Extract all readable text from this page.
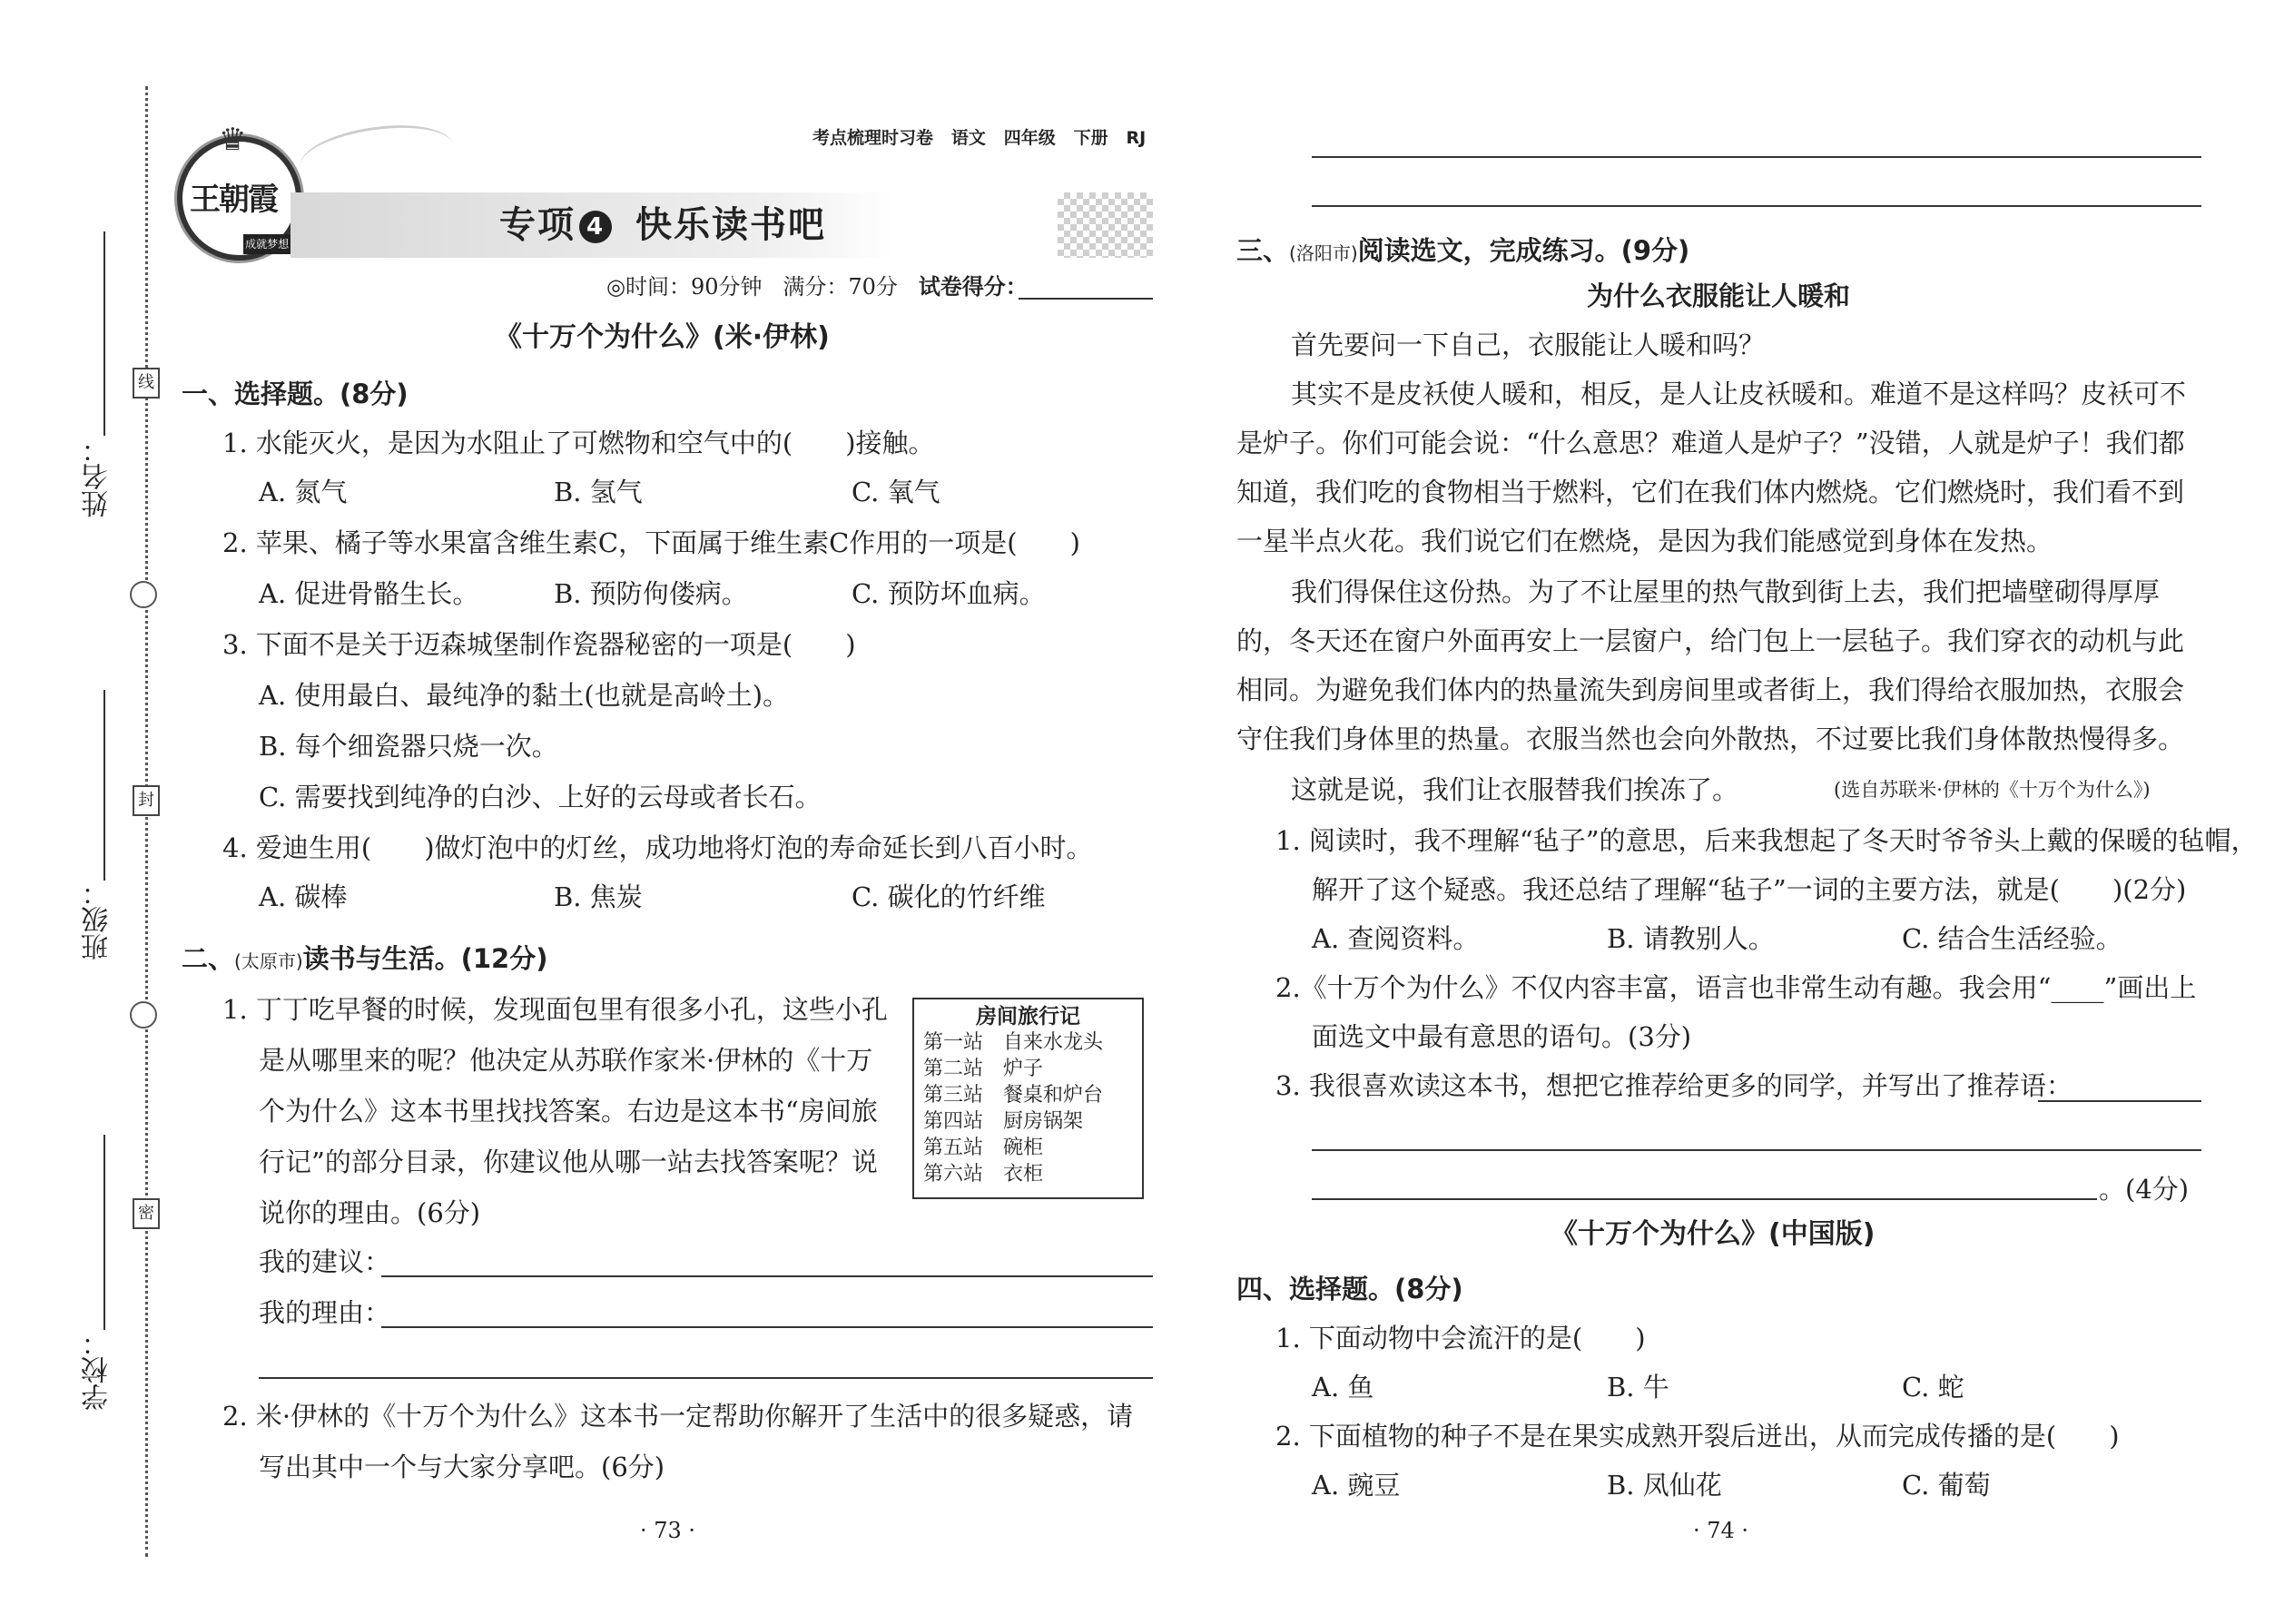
线
封
密
姓名：
班级：
学校：
♛
王朝霞
成就梦想 分
考点梳理时习卷 语文 四年级 下册 RJ
专项 4 快乐读书吧
◎时间：90分钟 满分：70分 试卷得分：
《十万个为什么》(米·伊林)
一、选择题。(8分)
1. 水能灭火，是因为水阻止了可燃物和空气中的(　　)接触。
A. 氮气	B. 氢气	C. 氧气
2. 苹果、橘子等水果富含维生素C，下面属于维生素C作用的一项是(　　)
A. 促进骨骼生长。	B. 预防佝偻病。	C. 预防坏血病。
3. 下面不是关于迈森城堡制作瓷器秘密的一项是(　　)
A. 使用最白、最纯净的黏土(也就是高岭土)。
B. 每个细瓷器只烧一次。
C. 需要找到纯净的白沙、上好的云母或者长石。
4. 爱迪生用(　　)做灯泡中的灯丝，成功地将灯泡的寿命延长到八百小时。
A. 碳棒	B. 焦炭	C. 碳化的竹纤维
二、(太原市)读书与生活。(12分)
1. 丁丁吃早餐的时候，发现面包里有很多小孔，这些小孔
是从哪里来的呢？他决定从苏联作家米·伊林的《十万
个为什么》这本书里找找答案。右边是这本书“房间旅
行记”的部分目录，你建议他从哪一站去找答案呢？说
说你的理由。(6分)
房间旅行记
第一站　自来水龙头
第二站　炉子
第三站　餐桌和炉台
第四站　厨房锅架
第五站　碗柜
第六站　衣柜
我的建议：
我的理由：
2. 米·伊林的《十万个为什么》这本书一定帮助你解开了生活中的很多疑惑，请
写出其中一个与大家分享吧。(6分)
· 73 ·
三、(洛阳市)阅读选文，完成练习。(9分)
为什么衣服能让人暖和
首先要问一下自己，衣服能让人暖和吗？
其实不是皮袄使人暖和，相反，是人让皮袄暖和。难道不是这样吗？皮袄可不
是炉子。你们可能会说：“什么意思？难道人是炉子？”没错，人就是炉子！我们都
知道，我们吃的食物相当于燃料，它们在我们体内燃烧。它们燃烧时，我们看不到
一星半点火花。我们说它们在燃烧，是因为我们能感觉到身体在发热。
我们得保住这份热。为了不让屋里的热气散到街上去，我们把墙壁砌得厚厚
的，冬天还在窗户外面再安上一层窗户，给门包上一层毡子。我们穿衣的动机与此
相同。为避免我们体内的热量流失到房间里或者街上，我们得给衣服加热，衣服会
守住我们身体里的热量。衣服当然也会向外散热，不过要比我们身体散热慢得多。
这就是说，我们让衣服替我们挨冻了。	(选自苏联米·伊林的《十万个为什么》)
1. 阅读时，我不理解“毡子”的意思，后来我想起了冬天时爷爷头上戴的保暖的毡帽，
解开了这个疑惑。我还总结了理解“毡子”一词的主要方法，就是(　　)(2分)
A. 查阅资料。	B. 请教别人。	C. 结合生活经验。
2.《十万个为什么》不仅内容丰富，语言也非常生动有趣。我会用“____”画出上
面选文中最有意思的语句。(3分)
3. 我很喜欢读这本书，想把它推荐给更多的同学，并写出了推荐语：
。(4分)
《十万个为什么》(中国版)
四、选择题。(8分)
1. 下面动物中会流汗的是(　　)
A. 鱼	B. 牛	C. 蛇
2. 下面植物的种子不是在果实成熟开裂后迸出，从而完成传播的是(　　)
A. 豌豆	B. 凤仙花	C. 葡萄
· 74 ·
